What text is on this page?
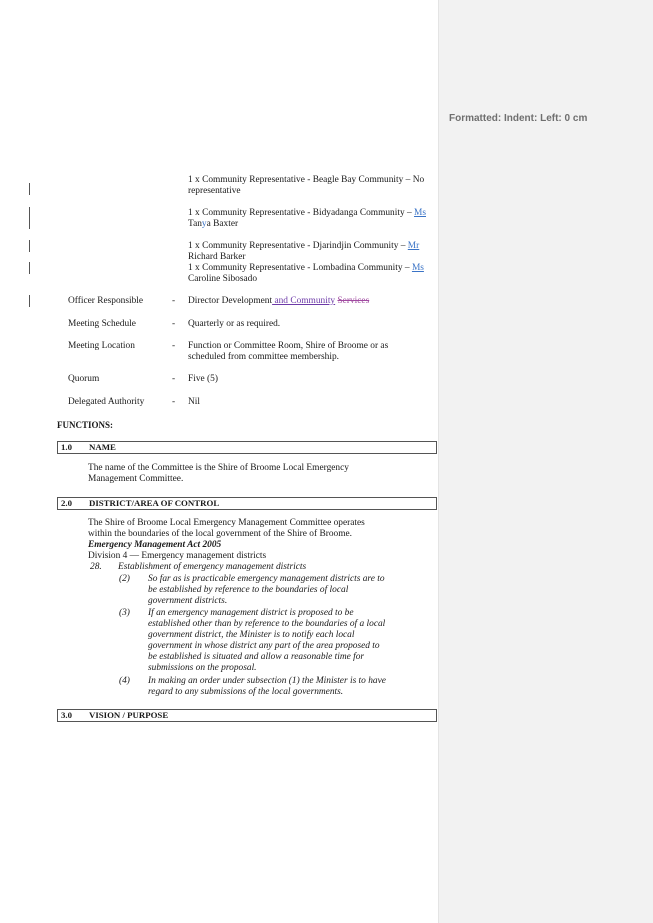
1 x Community Representative - Beagle Bay Community – No
representative
1 x Community Representative - Bidyadanga Community – Ms
Tanya Baxter
1 x Community Representative - Djarindjin Community – Mr
Richard Barker
1 x Community Representative - Lombadina Community – Ms
Caroline Sibosado
Officer Responsible	- Director Development and Community Services
Meeting Schedule	- Quarterly or as required.
Meeting Location	- Function or Committee Room, Shire of Broome or as
scheduled from committee membership.
Quorum	- Five (5)
Delegated Authority	- Nil
FUNCTIONS:
1.0 NAME
The name of the Committee is the Shire of Broome Local Emergency
Management Committee.
2.0 DISTRICT/AREA OF CONTROL
The Shire of Broome Local Emergency Management Committee operates
within the boundaries of the local government of the Shire of Broome.
Emergency Management Act 2005
Division 4 — Emergency management districts
28. Establishment of emergency management districts
(2) So far as is practicable emergency management districts are to
be established by reference to the boundaries of local
government districts.
(3) If an emergency management district is proposed to be
established other than by reference to the boundaries of a local
government district, the Minister is to notify each local
government in whose district any part of the area proposed to
be established is situated and allow a reasonable time for
submissions on the proposal.
(4) In making an order under subsection (1) the Minister is to have
regard to any submissions of the local governments.
3.0 VISION / PURPOSE
Formatted: Indent: Left: 0 cm
